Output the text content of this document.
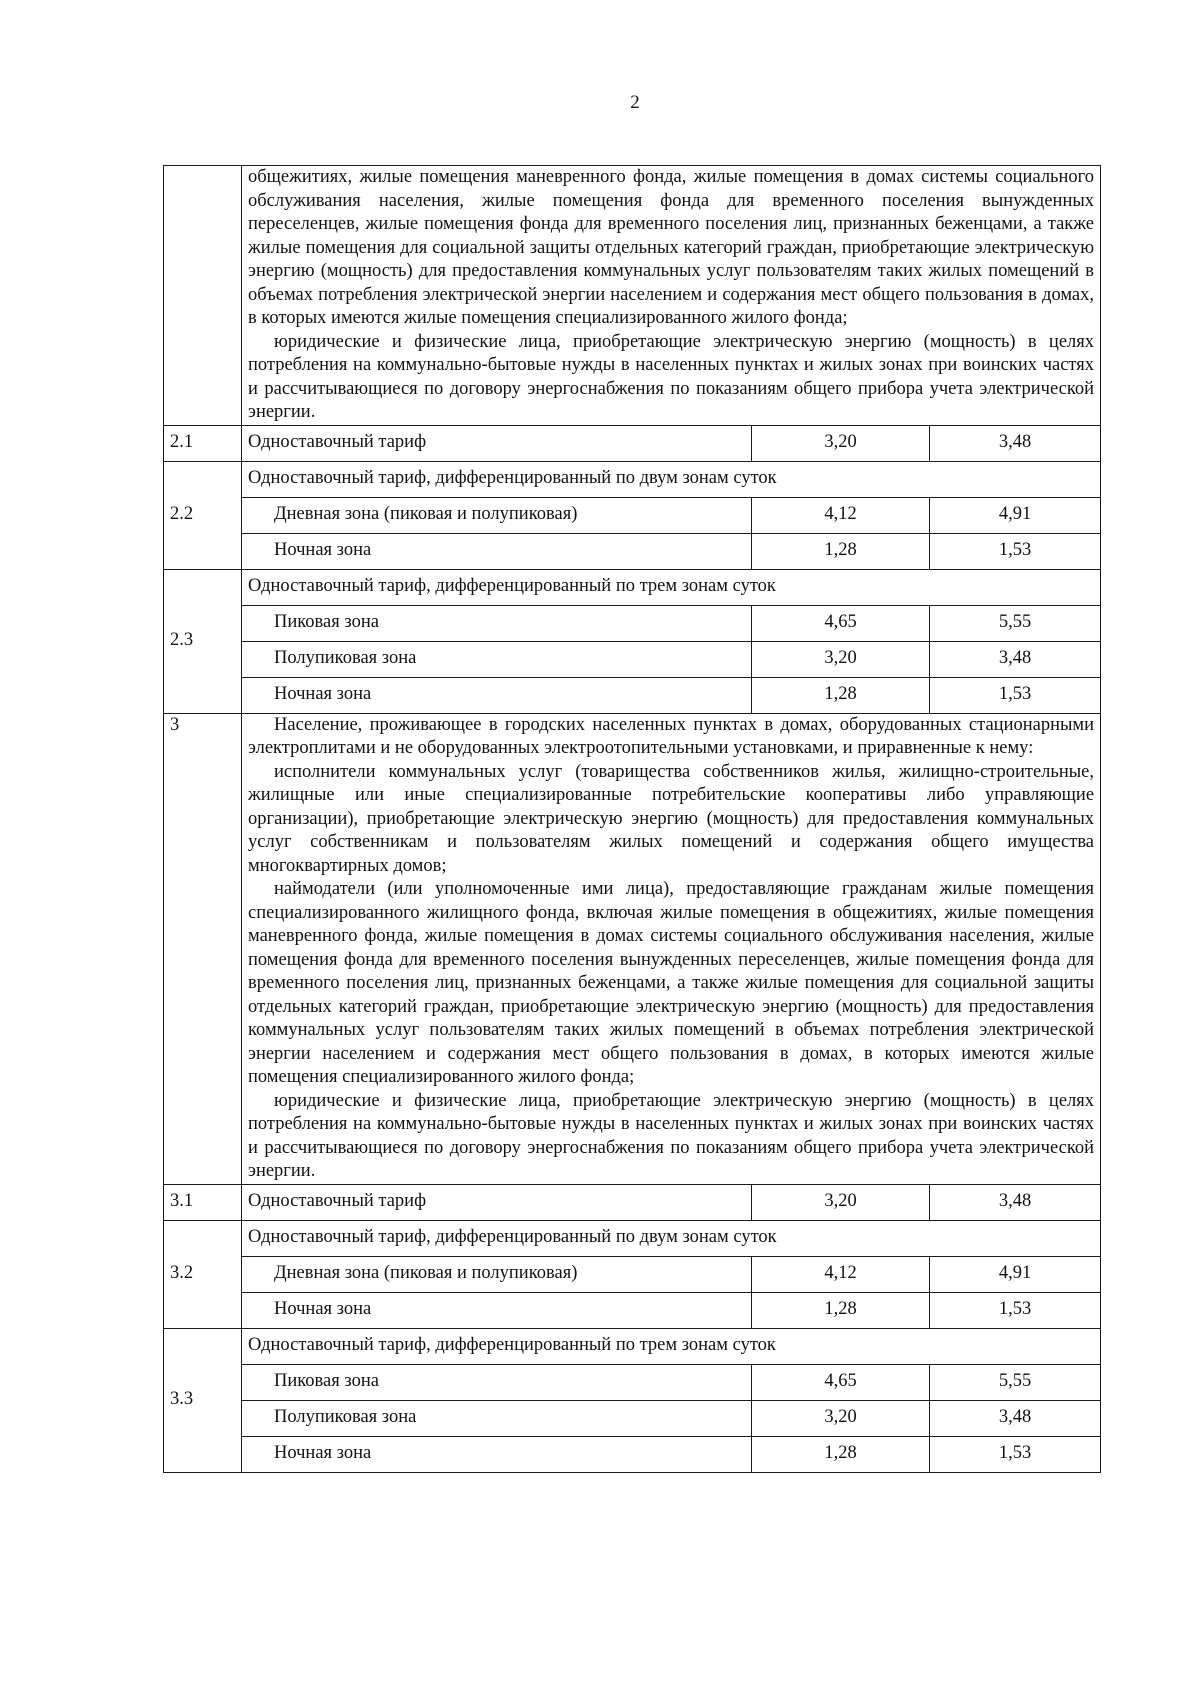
2

	общежитиях, жилые помещения маневренного фонда, жилые помещения в домах системы социального обслуживания населения, жилые помещения фонда для временного поселения вынужденных переселенцев, жилые помещения фонда для временного поселения лиц, признанных беженцами, а также жилые помещения для социальной защиты отдельных категорий граждан, приобретающие электрическую энергию (мощность) для предоставления коммунальных услуг пользователям таких жилых помещений в объемах потребления электрической энергии населением и содержания мест общего пользования в домах, в которых имеются жилые помещения специализированного жилого фонда;
юридические и физические лица, приобретающие электрическую энергию (мощность) в целях потребления на коммунально-бытовые нужды в населенных пунктах и жилых зонах при воинских частях и рассчитывающиеся по договору энергоснабжения по показаниям общего прибора учета электрической энергии.		

2.1	Одноставочный тариф	3,20	3,48
2.2	Одноставочный тариф, дифференцированный по двум зонам суток		
	Дневная зона (пиковая и полупиковая)	4,12	4,91
	Ночная зона	1,28	1,53
2.3	Одноставочный тариф, дифференцированный по трем зонам суток		
	Пиковая зона	4,65	5,55
	Полупиковая зона	3,20	3,48
	Ночная зона	1,28	1,53
3	Население, проживающее в городских населенных пунктах в домах, оборудованных стационарными электроплитами и не оборудованных электроотопительными установками, и приравненные к нему:
исполнители коммунальных услуг (товарищества собственников жилья, жилищно-строительные, жилищные или иные специализированные потребительские кооперативы либо управляющие организации), приобретающие электрическую энергию (мощность) для предоставления коммунальных услуг собственникам и пользователям жилых помещений и содержания общего имущества многоквартирных домов;
наймодатели (или уполномоченные ими лица), предоставляющие гражданам жилые помещения специализированного жилищного фонда, включая жилые помещения в общежитиях, жилые помещения маневренного фонда, жилые помещения в домах системы социального обслуживания населения, жилые помещения фонда для временного поселения вынужденных переселенцев, жилые помещения фонда для временного поселения лиц, признанных беженцами, а также жилые помещения для социальной защиты отдельных категорий граждан, приобретающие электрическую энергию (мощность) для предоставления коммунальных услуг пользователям таких жилых помещений в объемах потребления электрической энергии населением и содержания мест общего пользования в домах, в которых имеются жилые помещения специализированного жилого фонда;
юридические и физические лица, приобретающие электрическую энергию (мощность) в целях потребления на коммунально-бытовые нужды в населенных пунктах и жилых зонах при воинских частях и рассчитывающиеся по договору энергоснабжения по показаниям общего прибора учета электрической энергии.		

3.1	Одноставочный тариф	3,20	3,48
3.2	Одноставочный тариф, дифференцированный по двум зонам суток		
	Дневная зона (пиковая и полупиковая)	4,12	4,91
	Ночная зона	1,28	1,53
3.3	Одноставочный тариф, дифференцированный по трем зонам суток		
	Пиковая зона	4,65	5,55
	Полупиковая зона	3,20	3,48
	Ночная зона	1,28	1,53
